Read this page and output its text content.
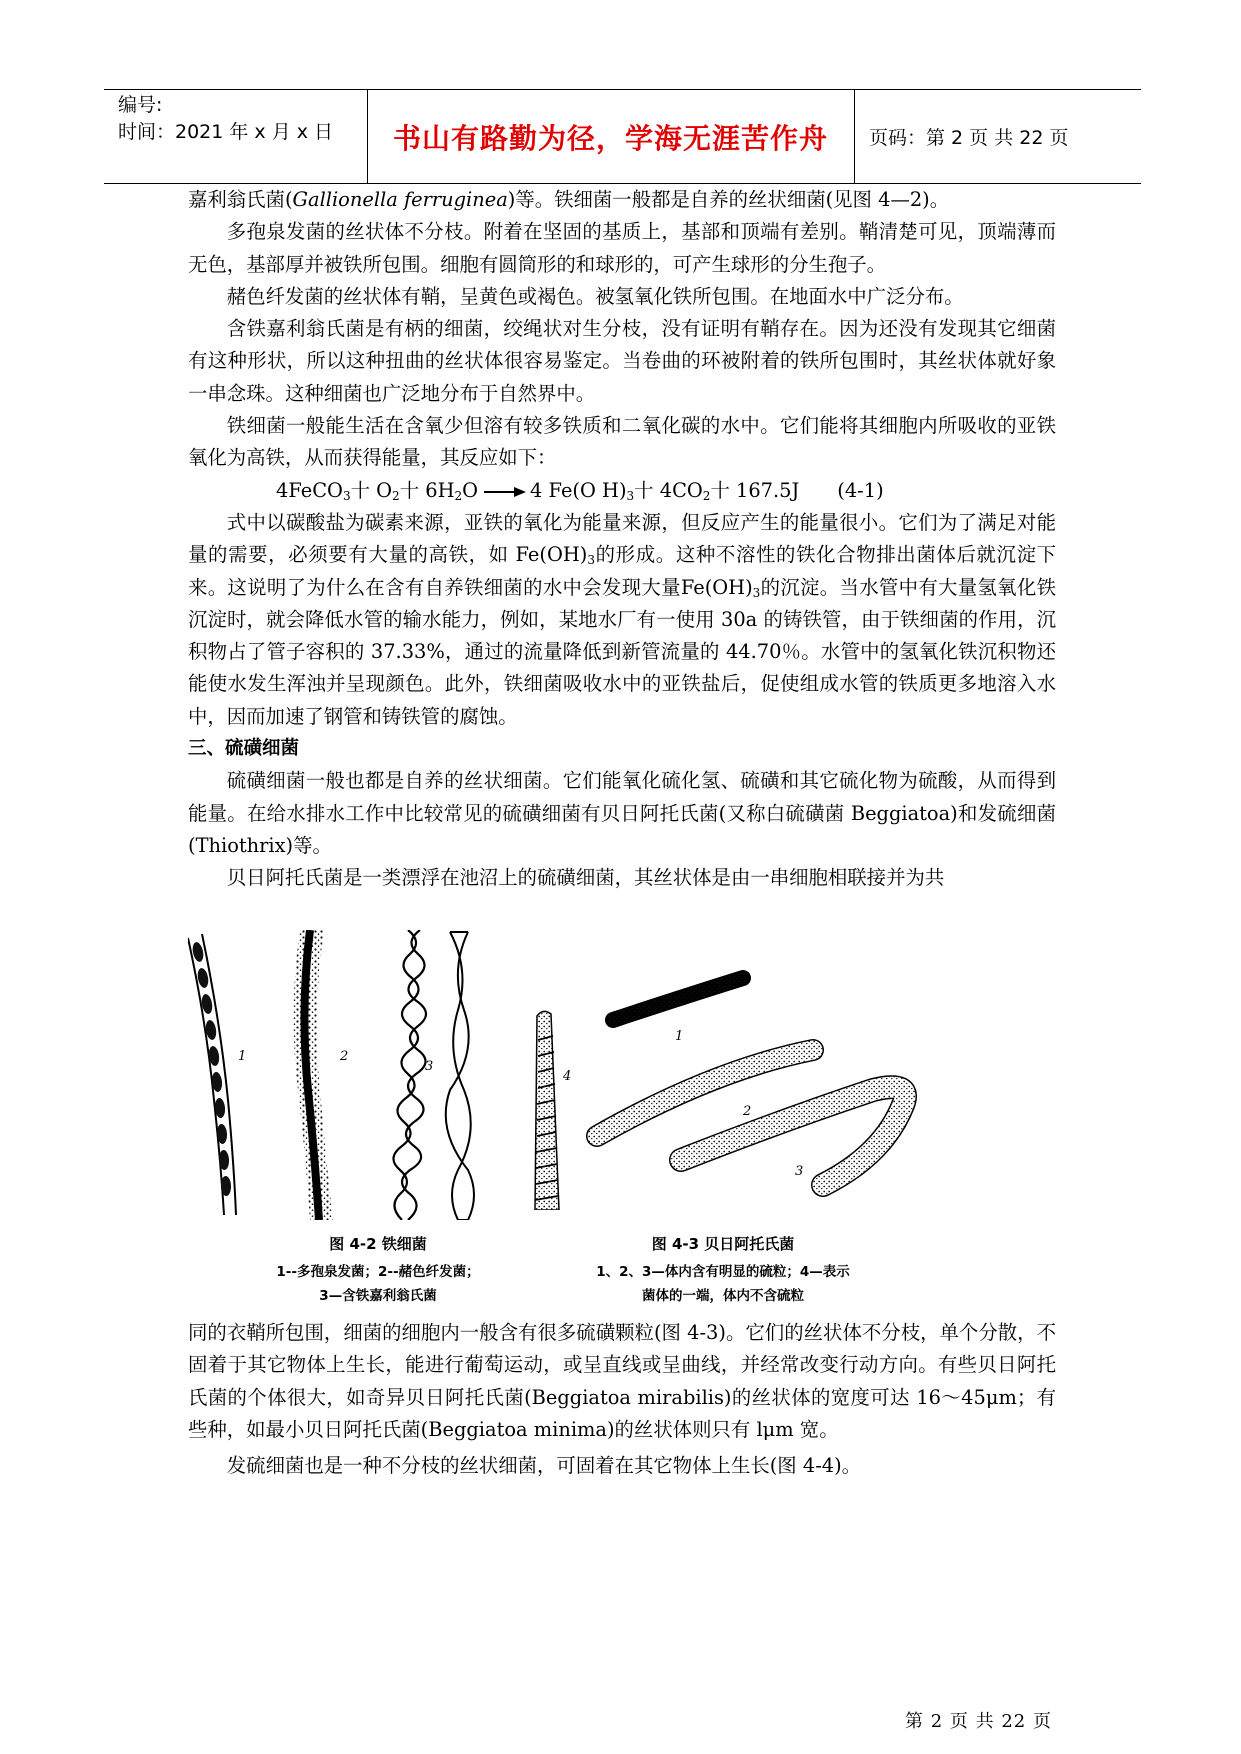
编号:
时间：2021 年 x 月 x 日	书山有路勤为径，学海无涯苦作舟	页码：第 2 页 共 22 页

嘉利翁氏菌(Gallionella ferruginea)等。铁细菌一般都是自养的丝状细菌(见图 4—2)。

多孢泉发菌的丝状体不分枝。附着在坚固的基质上，基部和顶端有差别。鞘清楚可见，顶端薄而无色，基部厚并被铁所包围。细胞有圆筒形的和球形的，可产生球形的分生孢子。

赭色纤发菌的丝状体有鞘，呈黄色或褐色。被氢氧化铁所包围。在地面水中广泛分布。

含铁嘉利翁氏菌是有柄的细菌，绞绳状对生分枝，没有证明有鞘存在。因为还没有发现其它细菌有这种形状，所以这种扭曲的丝状体很容易鉴定。当卷曲的环被附着的铁所包围时，其丝状体就好象一串念珠。这种细菌也广泛地分布于自然界中。

铁细菌一般能生活在含氧少但溶有较多铁质和二氧化碳的水中。它们能将其细胞内所吸收的亚铁氧化为高铁，从而获得能量，其反应如下：

4FeCO$_3$十 $O_2$十 $6H_2O \to 4$ Fe(O $H)_3$十 $4CO_2$十 167.5J (4-1)

式中以碳酸盐为碳素来源，亚铁的氧化为能量来源，但反应产生的能量很小。它们为了满足对能量的需要，必须要有大量的高铁，如 $Fe(OH)_3$的形成。这种不溶性的铁化合物排出菌体后就沉淀下来。这说明了为什么在含有自养铁细菌的水中会发现大量$Fe(OH)_3$的沉淀。当水管中有大量氢氧化铁沉淀时，就会降低水管的输水能力，例如，某地水厂有一使用 30a 的铸铁管，由于铁细菌的作用，沉积物占了管子容积的 37.33%，通过的流量降低到新管流量的 44.70％。水管中的氢氧化铁沉积物还能使水发生浑浊并呈现颜色。此外，铁细菌吸收水中的亚铁盐后，促使组成水管的铁质更多地溶入水中，因而加速了钢管和铸铁管的腐蚀。

三、硫磺细菌

硫磺细菌一般也都是自养的丝状细菌。它们能氧化硫化氢、硫磺和其它硫化物为硫酸，从而得到能量。在给水排水工作中比较常见的硫磺细菌有贝日阿托氏菌(又称白硫磺菌 Beggiatoa)和发硫细菌(Thiothrix)等。

贝日阿托氏菌是一类漂浮在池沼上的硫磺细菌，其丝状体是由一串细胞相联接并为共

1	2
3
4
1
2
3
图 4-2 铁细菌
1--多孢泉发菌；2--赭色纤发菌；
3—含铁嘉利翁氏菌
图 4-3 贝日阿托氏菌
1、2、3—体内含有明显的硫粒；4—表示
菌体的一端，体内不含硫粒

同的衣鞘所包围，细菌的细胞内一般含有很多硫磺颗粒(图 4-3)。它们的丝状体不分枝，单个分散，不固着于其它物体上生长，能进行葡萄运动，或呈直线或呈曲线，并经常改变行动方向。有些贝日阿托氏菌的个体很大，如奇异贝日阿托氏菌(Beggiatoa mirabilis)的丝状体的宽度可达 16～45μm；有些种，如最小贝日阿托氏菌(Beggiatoa minima)的丝状体则只有 lμm 宽。

发硫细菌也是一种不分枝的丝状细菌，可固着在其它物体上生长(图 4-4)。

第 2 页 共 22 页
